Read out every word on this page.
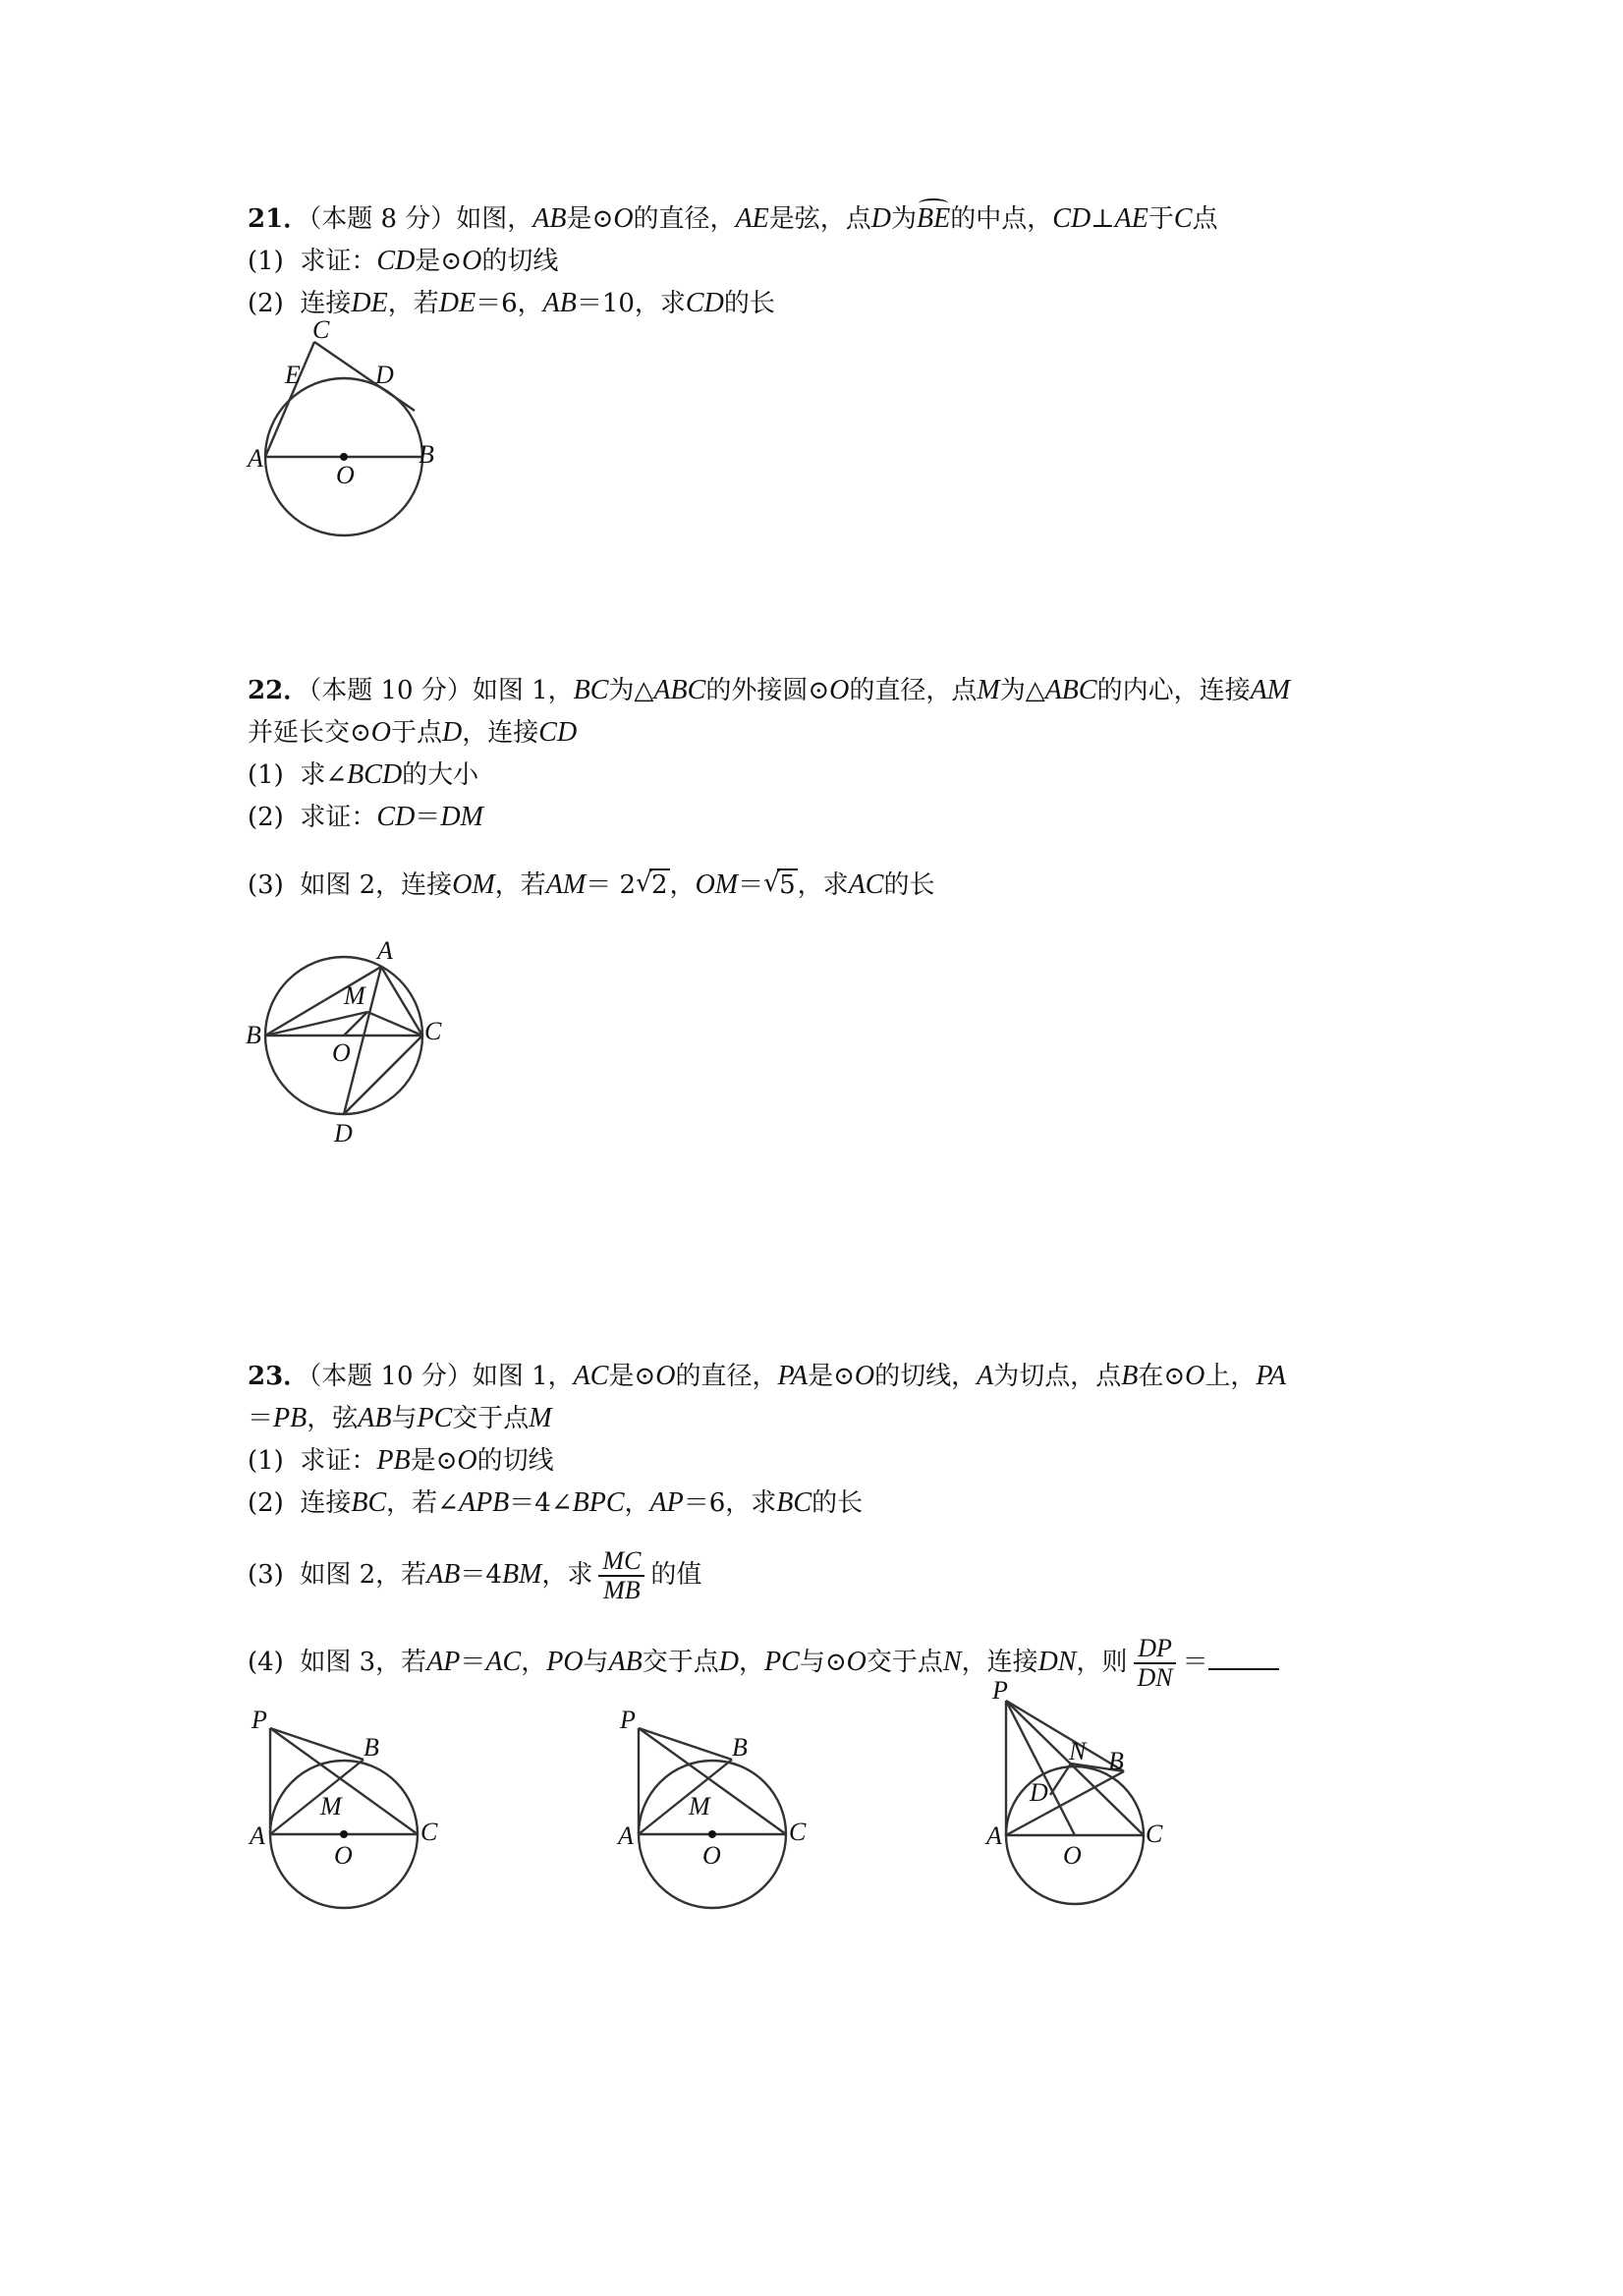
21．（本题 8 分）如图，AB是⊙O的直径，AE是弦，点D为BE的中点，CD⊥AE于C点
(1) 求证：CD是⊙O的切线
(2) 连接DE，若DE＝6，AB＝10，求CD的长
C
E	D
A	B
O
22．（本题 10 分）如图 1，BC为△ABC的外接圆⊙O的直径，点M为△ABC的内心，连接AM
并延长交⊙O于点D，连接CD
(1) 求∠BCD的大小
(2) 求证：CD＝DM
(3) 如图 2，连接OM，若AM＝ 2 √ 2，OM＝ √ 5，求AC的长
A
M
B	C
O
D
23．（本题 10 分）如图 1，AC是⊙O的直径，PA是⊙O的切线，A为切点，点B在⊙O上，PA
＝PB，弦AB与PC交于点M
(1) 求证：PB是⊙O的切线
(2) 连接BC，若∠APB＝4∠BPC，AP＝6，求BC的长
(3) 如图 2，若AB＝4BM，求 $\frac{MC}{MB}$ 的值
(4) 如图 3，若AP＝AC，PO与AB交于点D，PC与⊙O交于点N，连接DN，则 $\frac{DP}{DN}$ ＝
P
B
M
A	C
O
P
B
M
A	C
O
P
N B
D
A
O
C
